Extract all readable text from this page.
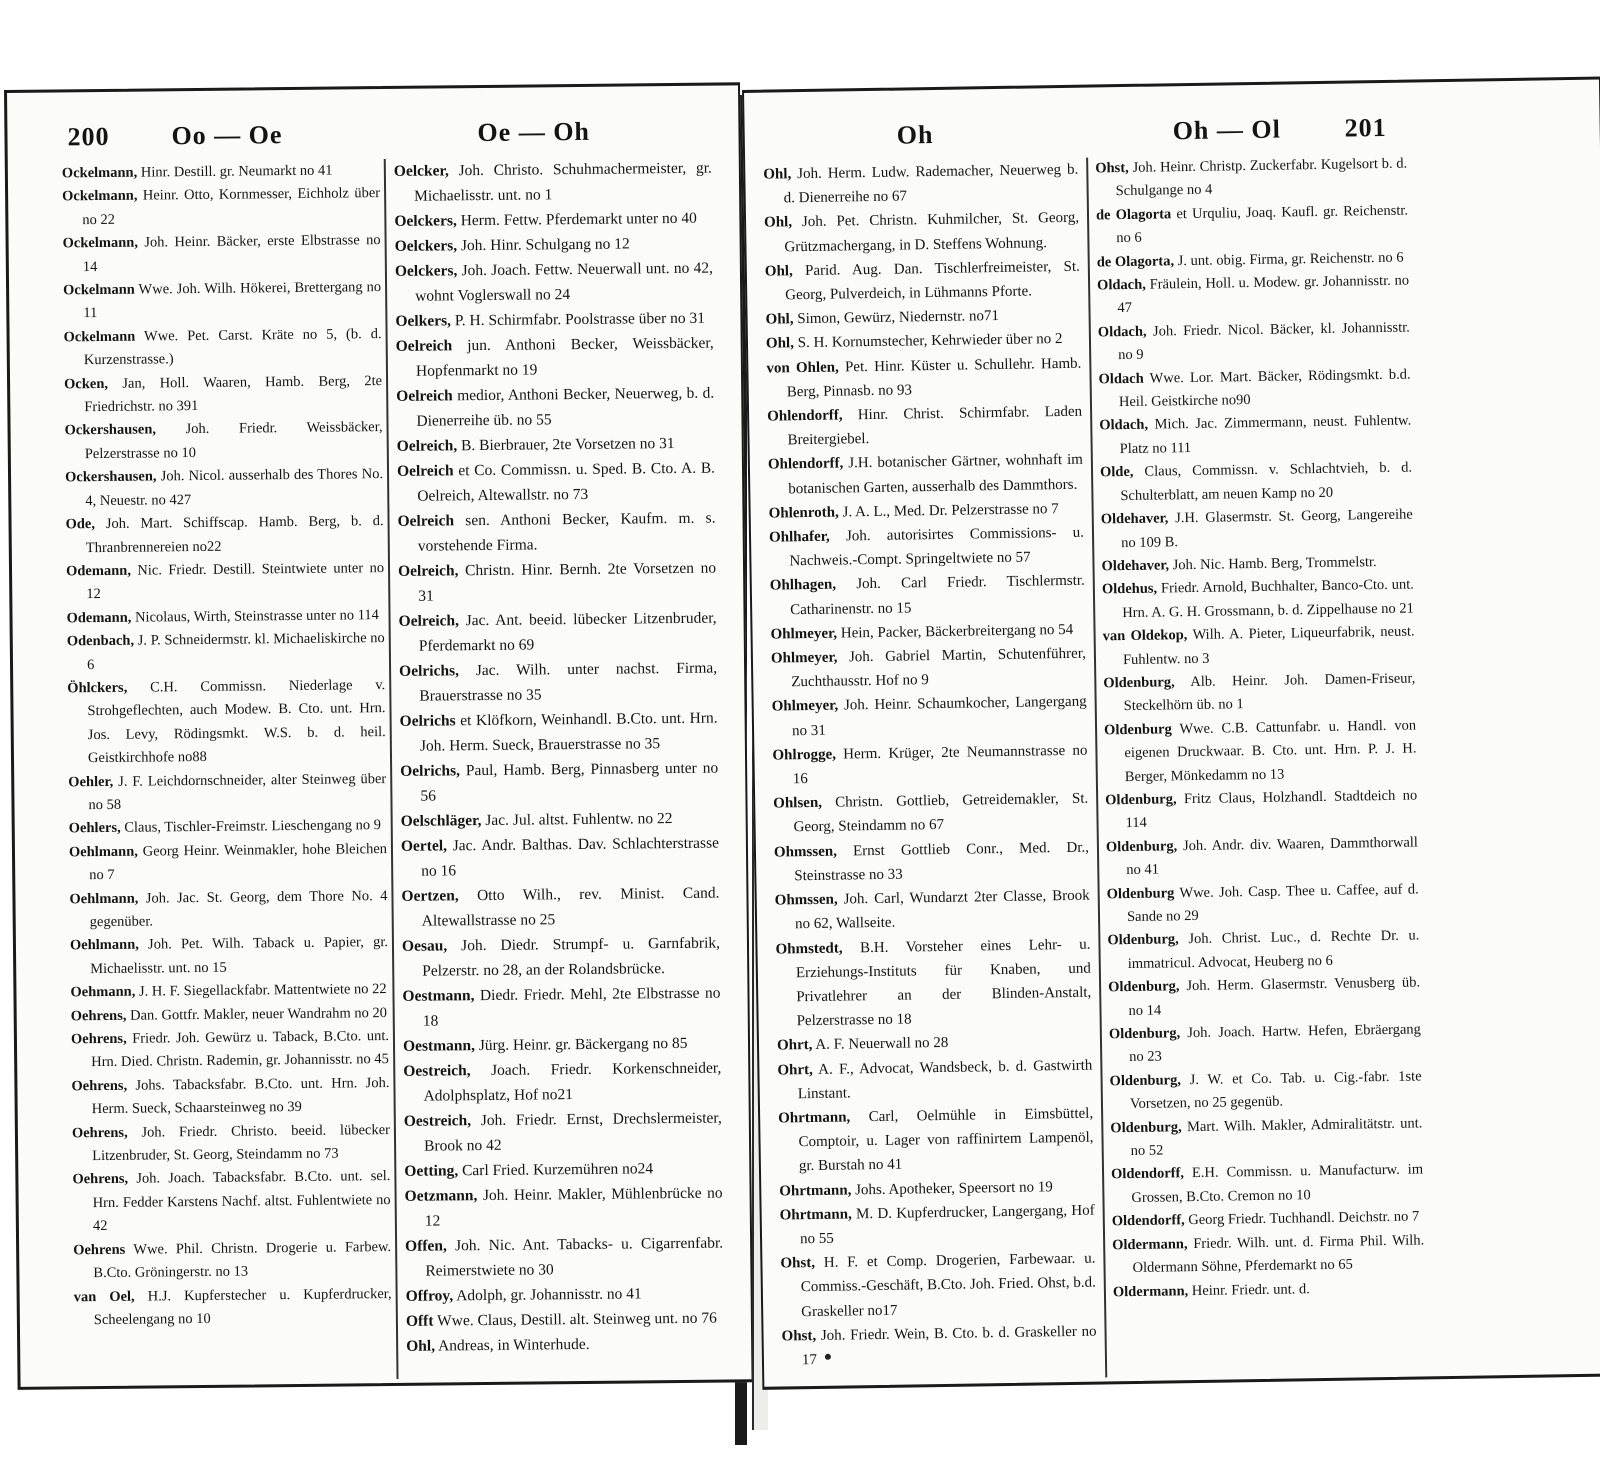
200 Oo — Oe	Oe — Oh

Ockelmann, Hinr. Destill. gr. Neumarkt no 41

Ockelmann, Heinr. Otto, Kornmesser, Eichholz über no 22

Ockelmann, Joh. Heinr. Bäcker, erste Elbstrasse no 14

Ockelmann Wwe. Joh. Wilh. Hökerei, Brettergang no 11

Ockelmann Wwe. Pet. Carst. Kräte no 5, (b. d. Kurzenstrasse.)

Ocken, Jan, Holl. Waaren, Hamb. Berg, 2te Friedrichstr. no 391

Ockershausen, Joh. Friedr. Weissbäcker, Pelzerstrasse no 10

Ockershausen, Joh. Nicol. ausserhalb des Thores No. 4, Neuestr. no 427

Ode, Joh. Mart. Schiffscap. Hamb. Berg, b. d. Thranbrennereien no22

Odemann, Nic. Friedr. Destill. Steintwiete unter no 12

Odemann, Nicolaus, Wirth, Steinstrasse unter no 114

Odenbach, J. P. Schneidermstr. kl. Michaeliskirche no 6

Öhlckers, C.H. Commissn. Niederlage v. Strohgeflechten, auch Modew. B. Cto. unt. Hrn. Jos. Levy, Rödingsmkt. W.S. b. d. heil. Geistkirchhofe no88

Oehler, J. F. Leichdornschneider, alter Steinweg über no 58

Oehlers, Claus, Tischler-Freimstr. Lieschengang no 9

Oehlmann, Georg Heinr. Weinmakler, hohe Bleichen no 7

Oehlmann, Joh. Jac. St. Georg, dem Thore No. 4 gegenüber.

Oehlmann, Joh. Pet. Wilh. Taback u. Papier, gr. Michaelisstr. unt. no 15

Oehmann, J. H. F. Siegellackfabr. Mattentwiete no 22

Oehrens, Dan. Gottfr. Makler, neuer Wandrahm no 20

Oehrens, Friedr. Joh. Gewürz u. Taback, B.Cto. unt. Hrn. Died. Christn. Rademin, gr. Johannisstr. no 45

Oehrens, Johs. Tabacksfabr. B.Cto. unt. Hrn. Joh. Herm. Sueck, Schaarsteinweg no 39

Oehrens, Joh. Friedr. Christo. beeid. lübecker Litzenbruder, St. Georg, Steindamm no 73

Oehrens, Joh. Joach. Tabacksfabr. B.Cto. unt. sel. Hrn. Fedder Karstens Nachf. altst. Fuhlentwiete no 42

Oehrens Wwe. Phil. Christn. Drogerie u. Farbew. B.Cto. Gröningerstr. no 13

van Oel, H.J. Kupferstecher u. Kupferdrucker, Scheelengang no 10

Oelcker, Joh. Christo. Schuhmachermeister, gr. Michaelisstr. unt. no 1

Oelckers, Herm. Fettw. Pferdemarkt unter no 40

Oelckers, Joh. Hinr. Schulgang no 12

Oelckers, Joh. Joach. Fettw. Neuerwall unt. no 42, wohnt Voglerswall no 24

Oelkers, P. H. Schirmfabr. Poolstrasse über no 31

Oelreich jun. Anthoni Becker, Weissbäcker, Hopfenmarkt no 19

Oelreich medior, Anthoni Becker, Neuerweg, b. d. Dienerreihe üb. no 55

Oelreich, B. Bierbrauer, 2te Vorsetzen no 31

Oelreich et Co. Commissn. u. Sped. B. Cto. A. B. Oelreich, Altewallstr. no 73

Oelreich sen. Anthoni Becker, Kaufm. m. s. vorstehende Firma.

Oelreich, Christn. Hinr. Bernh. 2te Vorsetzen no 31

Oelreich, Jac. Ant. beeid. lübecker Litzenbruder, Pferdemarkt no 69

Oelrichs, Jac. Wilh. unter nachst. Firma, Brauerstrasse no 35

Oelrichs et Klöfkorn, Weinhandl. B.Cto. unt. Hrn. Joh. Herm. Sueck, Brauerstrasse no 35

Oelrichs, Paul, Hamb. Berg, Pinnasberg unter no 56

Oelschläger, Jac. Jul. altst. Fuhlentw. no 22

Oertel, Jac. Andr. Balthas. Dav. Schlachterstrasse no 16

Oertzen, Otto Wilh., rev. Minist. Cand. Altewallstrasse no 25

Oesau, Joh. Diedr. Strumpf- u. Garnfabrik, Pelzerstr. no 28, an der Rolandsbrücke.

Oestmann, Diedr. Friedr. Mehl, 2te Elbstrasse no 18

Oestmann, Jürg. Heinr. gr. Bäckergang no 85

Oestreich, Joach. Friedr. Korkenschneider, Adolphsplatz, Hof no21

Oestreich, Joh. Friedr. Ernst, Drechslermeister, Brook no 42

Oetting, Carl Fried. Kurzemühren no24

Oetzmann, Joh. Heinr. Makler, Mühlenbrücke no 12

Offen, Joh. Nic. Ant. Tabacks- u. Cigarrenfabr. Reimerstwiete no 30

Offroy, Adolph, gr. Johannisstr. no 41

Offt Wwe. Claus, Destill. alt. Steinweg unt. no 76

Ohl, Andreas, in Winterhude.

Oh	Oh — Ol 201

Ohl, Joh. Herm. Ludw. Rademacher, Neuerweg b. d. Dienerreihe no 67

Ohl, Joh. Pet. Christn. Kuhmilcher, St. Georg, Grützmachergang, in D. Steffens Wohnung.

Ohl, Parid. Aug. Dan. Tischlerfreimeister, St. Georg, Pulverdeich, in Lühmanns Pforte.

Ohl, Simon, Gewürz, Niedernstr. no71

Ohl, S. H. Kornumstecher, Kehrwieder über no 2

von Ohlen, Pet. Hinr. Küster u. Schullehr. Hamb. Berg, Pinnasb. no 93

Ohlendorff, Hinr. Christ. Schirmfabr. Laden Breitergiebel.

Ohlendorff, J.H. botanischer Gärtner, wohnhaft im botanischen Garten, ausserhalb des Dammthors.

Ohlenroth, J. A. L., Med. Dr. Pelzerstrasse no 7

Ohlhafer, Joh. autorisirtes Commissions- u. Nachweis.-Compt. Springeltwiete no 57

Ohlhagen, Joh. Carl Friedr. Tischlermstr. Catharinenstr. no 15

Ohlmeyer, Hein, Packer, Bäckerbreitergang no 54

Ohlmeyer, Joh. Gabriel Martin, Schutenführer, Zuchthausstr. Hof no 9

Ohlmeyer, Joh. Heinr. Schaumkocher, Langergang no 31

Ohlrogge, Herm. Krüger, 2te Neumannstrasse no 16

Ohlsen, Christn. Gottlieb, Getreidemakler, St. Georg, Steindamm no 67

Ohmssen, Ernst Gottlieb Conr., Med. Dr., Steinstrasse no 33

Ohmssen, Joh. Carl, Wundarzt 2ter Classe, Brook no 62, Wallseite.

Ohmstedt, B.H. Vorsteher eines Lehr- u. Erziehungs-Instituts für Knaben, und Privatlehrer an der Blinden-Anstalt, Pelzerstrasse no 18

Ohrt, A. F. Neuerwall no 28

Ohrt, A. F., Advocat, Wandsbeck, b. d. Gastwirth Linstant.

Ohrtmann, Carl, Oelmühle in Eimsbüttel, Comptoir, u. Lager von raffinirtem Lampenöl, gr. Burstah no 41

Ohrtmann, Johs. Apotheker, Speersort no 19

Ohrtmann, M. D. Kupferdrucker, Langergang, Hof no 55

Ohst, H. F. et Comp. Drogerien, Farbewaar. u. Commiss.-Geschäft, B.Cto. Joh. Fried. Ohst, b.d. Graskeller no17

Ohst, Joh. Friedr. Wein, B. Cto. b. d. Graskeller no 17

Ohst, Joh. Heinr. Christp. Zuckerfabr. Kugelsort b. d. Schulgange no 4

de Olagorta et Urquliu, Joaq. Kaufl. gr. Reichenstr. no 6

de Olagorta, J. unt. obig. Firma, gr. Reichenstr. no 6

Oldach, Fräulein, Holl. u. Modew. gr. Johannisstr. no 47

Oldach, Joh. Friedr. Nicol. Bäcker, kl. Johannisstr. no 9

Oldach Wwe. Lor. Mart. Bäcker, Rödingsmkt. b.d. Heil. Geistkirche no90

Oldach, Mich. Jac. Zimmermann, neust. Fuhlentw. Platz no 111

Olde, Claus, Commissn. v. Schlachtvieh, b. d. Schulterblatt, am neuen Kamp no 20

Oldehaver, J.H. Glasermstr. St. Georg, Langereihe no 109 B.

Oldehaver, Joh. Nic. Hamb. Berg, Trommelstr.

Oldehus, Friedr. Arnold, Buchhalter, Banco-Cto. unt. Hrn. A. G. H. Grossmann, b. d. Zippelhause no 21

van Oldekop, Wilh. A. Pieter, Liqueurfabrik, neust. Fuhlentw. no 3

Oldenburg, Alb. Heinr. Joh. Damen-Friseur, Steckelhörn üb. no 1

Oldenburg Wwe. C.B. Cattunfabr. u. Handl. von eigenen Druckwaar. B. Cto. unt. Hrn. P. J. H. Berger, Mönkedamm no 13

Oldenburg, Fritz Claus, Holzhandl. Stadtdeich no 114

Oldenburg, Joh. Andr. div. Waaren, Dammthorwall no 41

Oldenburg Wwe. Joh. Casp. Thee u. Caffee, auf d. Sande no 29

Oldenburg, Joh. Christ. Luc., d. Rechte Dr. u. immatricul. Advocat, Heuberg no 6

Oldenburg, Joh. Herm. Glasermstr. Venusberg üb. no 14

Oldenburg, Joh. Joach. Hartw. Hefen, Ebräergang no 23

Oldenburg, J. W. et Co. Tab. u. Cig.-fabr. 1ste Vorsetzen, no 25 gegenüb.

Oldenburg, Mart. Wilh. Makler, Admiralitätstr. unt. no 52

Oldendorff, E.H. Commissn. u. Manufacturw. im Grossen, B.Cto. Cremon no 10

Oldendorff, Georg Friedr. Tuchhandl. Deichstr. no 7

Oldermann, Friedr. Wilh. unt. d. Firma Phil. Wilh. Oldermann Söhne, Pferdemarkt no 65

Oldermann, Heinr. Friedr. unt. d.
